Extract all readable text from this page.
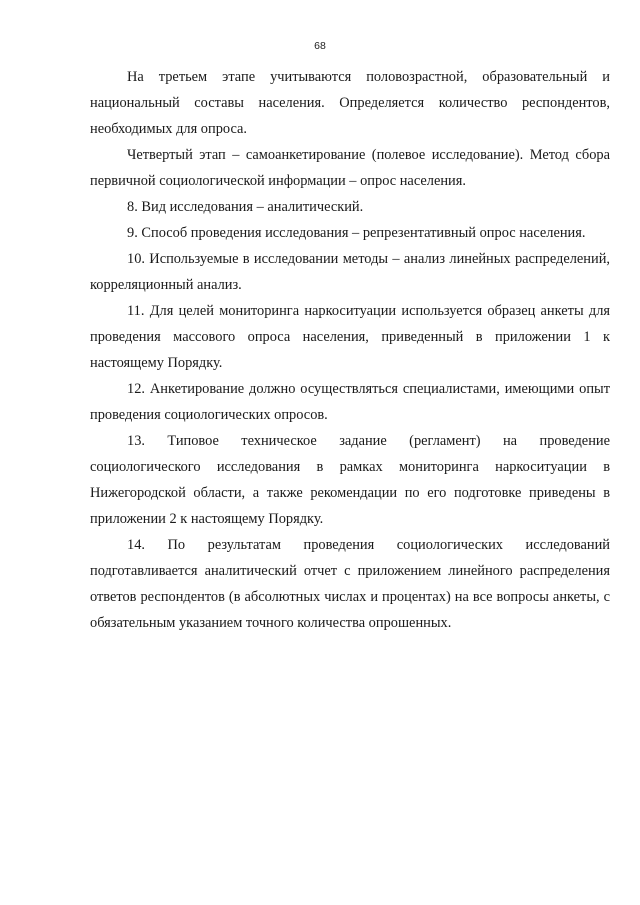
68

На третьем этапе учитываются половозрастной, образовательный и национальный составы населения. Определяется количество респондентов, необходимых для опроса.

Четвертый этап – самоанкетирование (полевое исследование). Метод сбора первичной социологической информации – опрос населения.

8. Вид исследования – аналитический.

9. Способ проведения исследования – репрезентативный опрос населения.

10. Используемые в исследовании методы – анализ линейных распределений, корреляционный анализ.

11. Для целей мониторинга наркоситуации используется образец анкеты для проведения массового опроса населения, приведенный в приложении 1 к настоящему Порядку.

12. Анкетирование должно осуществляться специалистами, имеющими опыт проведения социологических опросов.

13. Типовое техническое задание (регламент) на проведение социологического исследования в рамках мониторинга наркоситуации в Нижегородской области, а также рекомендации по его подготовке приведены в приложении 2 к настоящему Порядку.

14. По результатам проведения социологических исследований подготавливается аналитический отчет с приложением линейного распределения ответов респондентов (в абсолютных числах и процентах) на все вопросы анкеты, с обязательным указанием точного количества опрошенных.
